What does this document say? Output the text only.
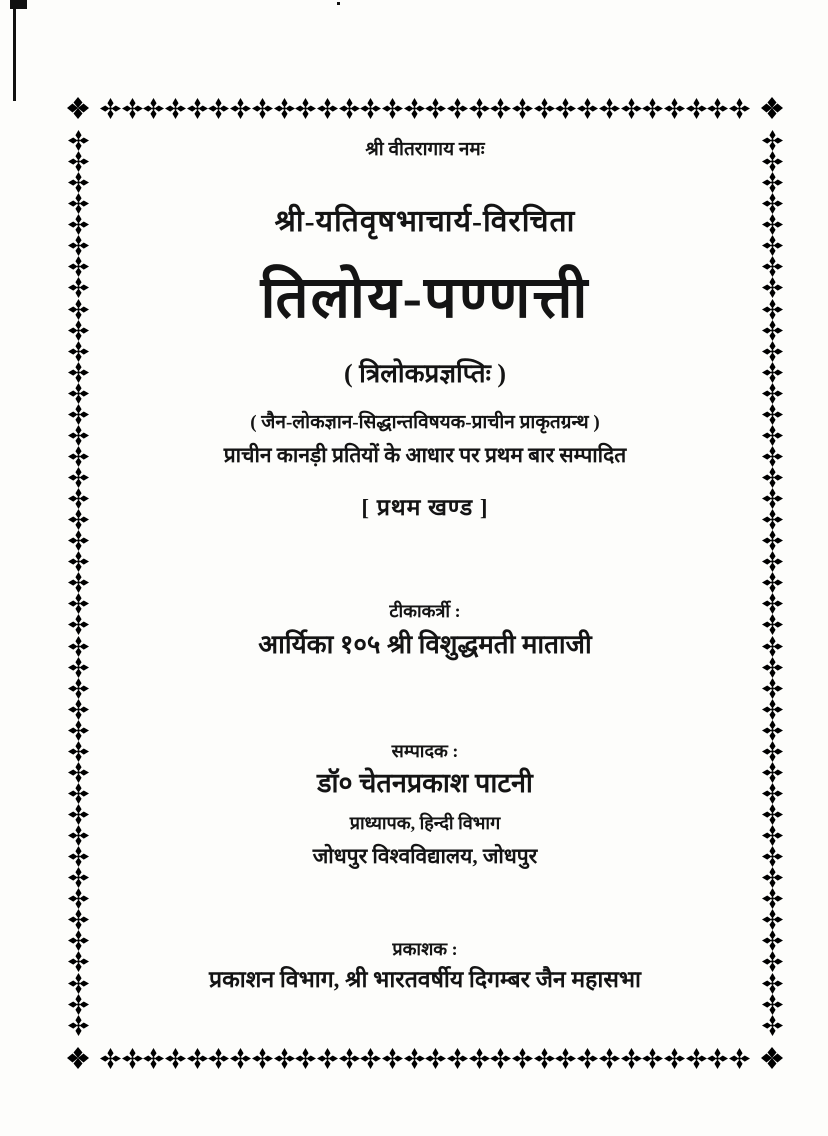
श्री वीतरागाय नमः
श्री-यतिवृषभाचार्य-विरचिता
तिलोय-पण्णत्ती
( त्रिलोकप्रज्ञप्तिः )
( जैन-लोकज्ञान-सिद्धान्तविषयक-प्राचीन प्राकृतग्रन्थ )
प्राचीन कानड़ी प्रतियों के आधार पर प्रथम बार सम्पादित
[ प्रथम खण्ड ]
टीकाकर्त्री :
आर्यिका १०५ श्री विशुद्धमती माताजी
सम्पादक :
डॉ० चेतनप्रकाश पाटनी
प्राध्यापक, हिन्दी विभाग
जोधपुर विश्वविद्यालय, जोधपुर
प्रकाशक :
प्रकाशन विभाग, श्री भारतवर्षीय दिगम्बर जैन महासभा
